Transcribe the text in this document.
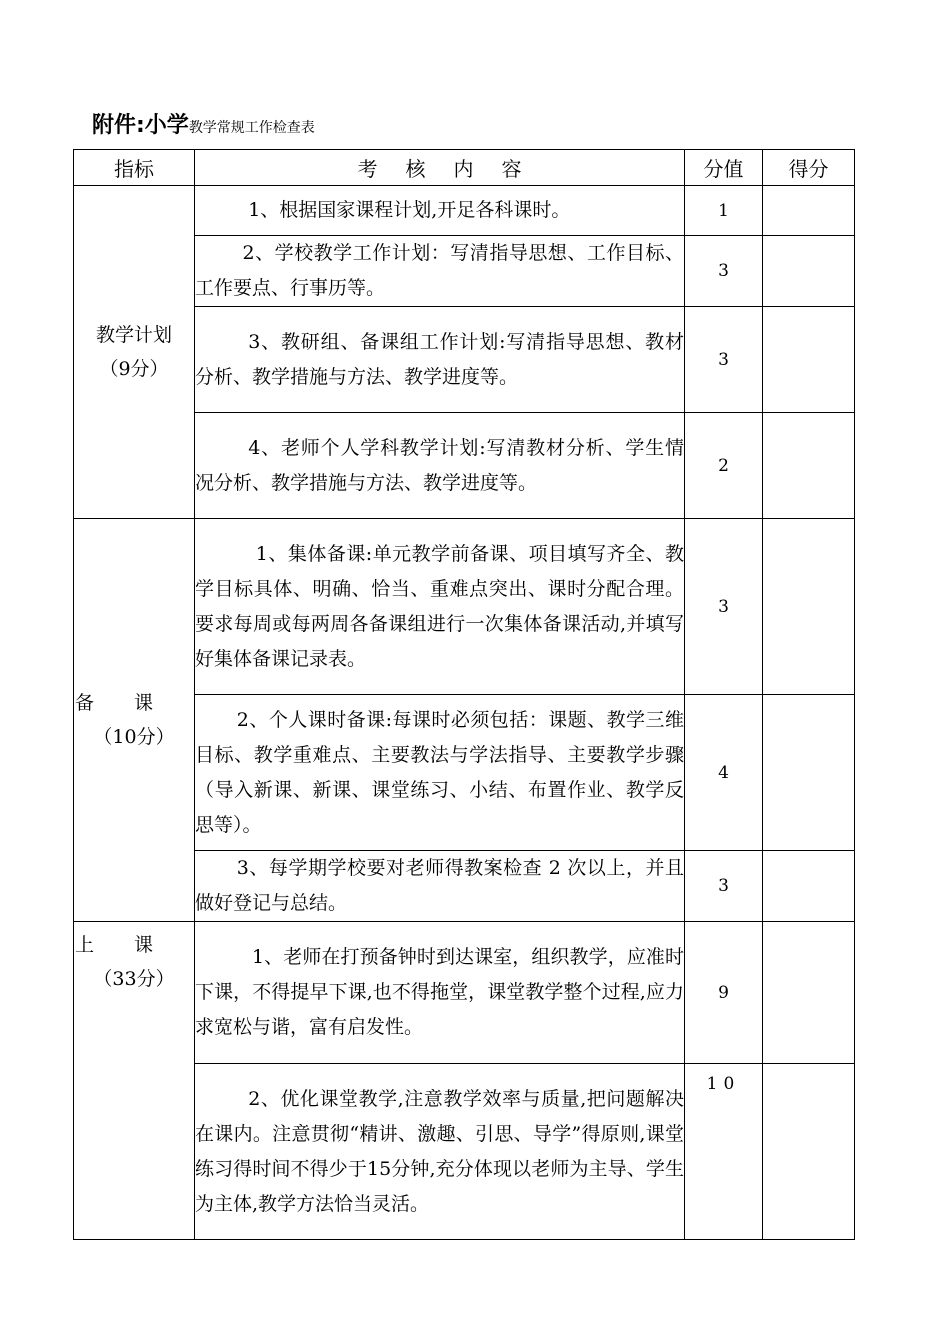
附件:小学教学常规工作检查表
指标	考核内容	分值	得分

教学计划
（9分）	1、根据国家课程计划,开足各科课时。	1	
	2、学校教学工作计划：写清指导思想、工作目标、工作要点、行事历等。	3	
	3、教研组、备课组工作计划:写清指导思想、教材分析、教学措施与方法、教学进度等。	3	
	4、老师个人学科教学计划:写清教材分析、学生情况分析、教学措施与方法、教学进度等。	2	

备课
（10分）	1、集体备课:单元教学前备课、项目填写齐全、教学目标具体、明确、恰当、重难点突出、课时分配合理。要求每周或每两周各备课组进行一次集体备课活动,并填写好集体备课记录表。	3	
	2、个人课时备课:每课时必须包括：课题、教学三维目标、教学重难点、主要教法与学法指导、主要教学步骤（导入新课、新课、课堂练习、小结、布置作业、教学反思等）。	4	
	3、每学期学校要对老师得教案检查 2 次以上，并且做好登记与总结。	3	

上课
（33分）	1、老师在打预备钟时到达课室，组织教学，应准时下课，不得提早下课,也不得拖堂，课堂教学整个过程,应力求宽松与谐，富有启发性。	9	
	2、优化课堂教学,注意教学效率与质量,把问题解决在课内。注意贯彻“精讲、激趣、引思、导学”得原则,课堂练习得时间不得少于15分钟,充分体现以老师为主导、学生为主体,教学方法恰当灵活。	10	
